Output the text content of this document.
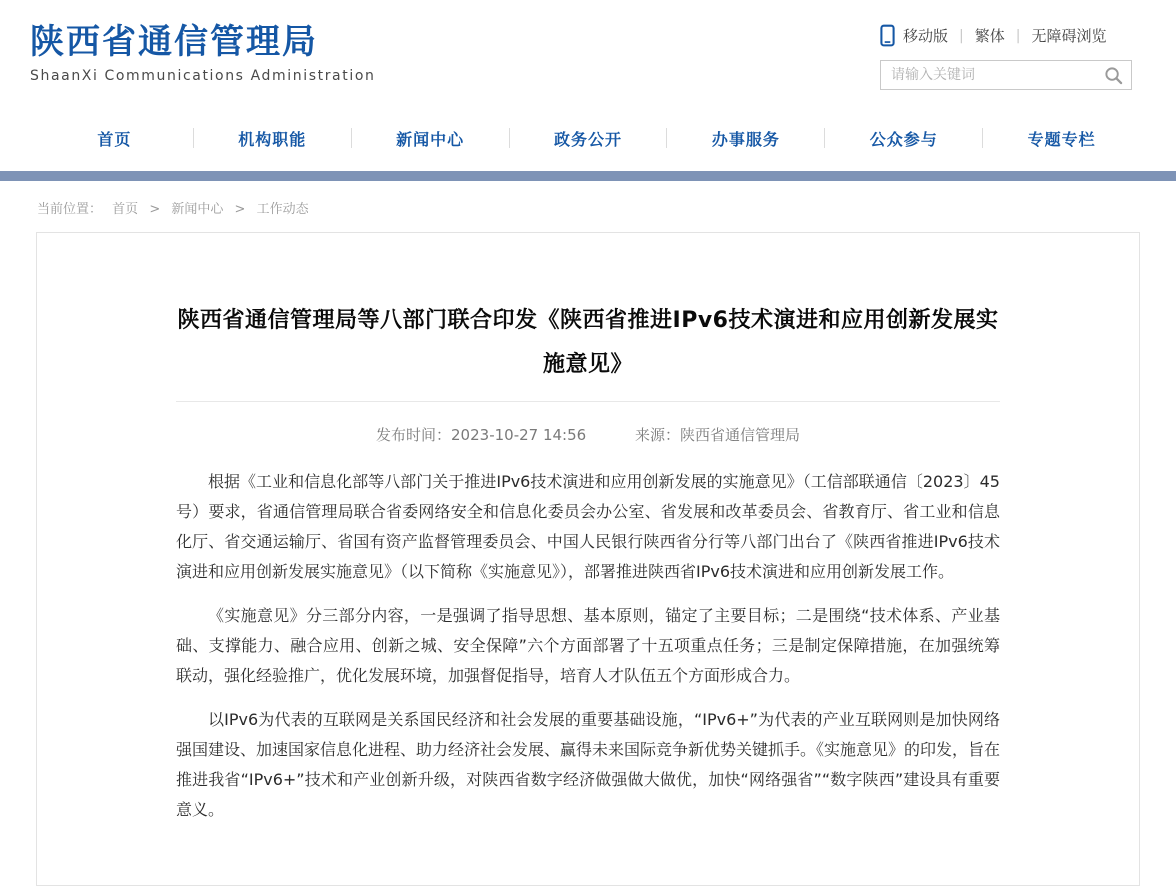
陕西省通信管理局
ShaanXi Communications Administration
移动版 | 繁体 | 无障碍浏览
请输入关键词
首页	机构职能	新闻中心	政务公开	办事服务	公众参与	专题专栏
当前位置： 首页 > 新闻中心 > 工作动态
陕西省通信管理局等八部门联合印发《陕西省推进IPv6技术演进和应用创新发展实施意见》
发布时间：2023-10-27 14:56	来源：陕西省通信管理局

根据《工业和信息化部等八部门关于推进IPv6技术演进和应用创新发展的实施意见》（工信部联通信〔2023〕45号）要求，省通信管理局联合省委网络安全和信息化委员会办公室、省发展和改革委员会、省教育厅、省工业和信息化厅、省交通运输厅、省国有资产监督管理委员会、中国人民银行陕西省分行等八部门出台了《陕西省推进IPv6技术演进和应用创新发展实施意见》（以下简称《实施意见》），部署推进陕西省IPv6技术演进和应用创新发展工作。

《实施意见》分三部分内容，一是强调了指导思想、基本原则，锚定了主要目标；二是围绕“技术体系、产业基础、支撑能力、融合应用、创新之城、安全保障”六个方面部署了十五项重点任务；三是制定保障措施，在加强统筹联动，强化经验推广，优化发展环境，加强督促指导，培育人才队伍五个方面形成合力。

以IPv6为代表的互联网是关系国民经济和社会发展的重要基础设施，“IPv6+”为代表的产业互联网则是加快网络强国建设、加速国家信息化进程、助力经济社会发展、赢得未来国际竞争新优势关键抓手。《实施意见》的印发，旨在推进我省“IPv6+”技术和产业创新升级，对陕西省数字经济做强做大做优，加快“网络强省”“数字陕西”建设具有重要意义。
